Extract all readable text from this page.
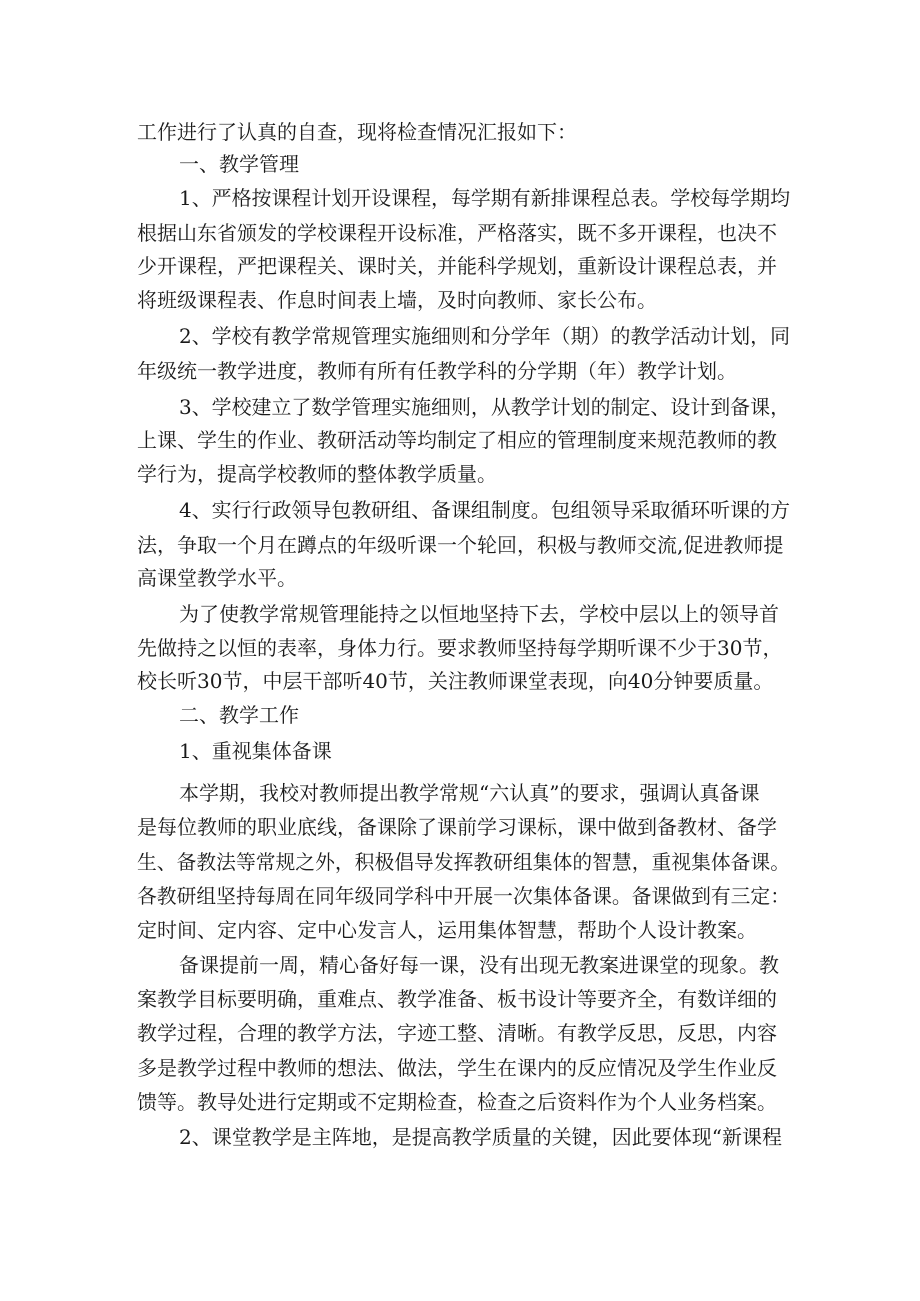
工作进行了认真的自查，现将检查情况汇报如下：
一、教学管理
1、严格按课程计划开设课程，每学期有新排课程总表。学校每学期均
根据山东省颁发的学校课程开设标准，严格落实，既不多开课程，也决不
少开课程，严把课程关、课时关，并能科学规划，重新设计课程总表，并
将班级课程表、作息时间表上墙，及时向教师、家长公布。
2、学校有教学常规管理实施细则和分学年（期）的教学活动计划，同
年级统一教学进度，教师有所有任教学科的分学期（年）教学计划。
3、学校建立了数学管理实施细则，从教学计划的制定、设计到备课，
上课、学生的作业、教研活动等均制定了相应的管理制度来规范教师的教
学行为，提高学校教师的整体教学质量。
4、实行行政领导包教研组、备课组制度。包组领导采取循环听课的方
法，争取一个月在蹲点的年级听课一个轮回，积极与教师交流,促进教师提
高课堂教学水平。
为了使教学常规管理能持之以恒地坚持下去，学校中层以上的领导首
先做持之以恒的表率，身体力行。要求教师坚持每学期听课不少于30节，
校长听30节，中层干部听40节，关注教师课堂表现，向40分钟要质量。
二、教学工作
1、重视集体备课
本学期，我校对教师提出教学常规“六认真”的要求，强调认真备课
是每位教师的职业底线，备课除了课前学习课标，课中做到备教材、备学
生、备教法等常规之外，积极倡导发挥教研组集体的智慧，重视集体备课。
各教研组坚持每周在同年级同学科中开展一次集体备课。备课做到有三定：
定时间、定内容、定中心发言人，运用集体智慧，帮助个人设计教案。
备课提前一周，精心备好每一课，没有出现无教案进课堂的现象。教
案教学目标要明确，重难点、教学准备、板书设计等要齐全，有数详细的
教学过程，合理的教学方法，字迹工整、清晰。有教学反思，反思，内容
多是教学过程中教师的想法、做法，学生在课内的反应情况及学生作业反
馈等。教导处进行定期或不定期检查，检查之后资料作为个人业务档案。
2、课堂教学是主阵地，是提高教学质量的关键，因此要体现“新课程
